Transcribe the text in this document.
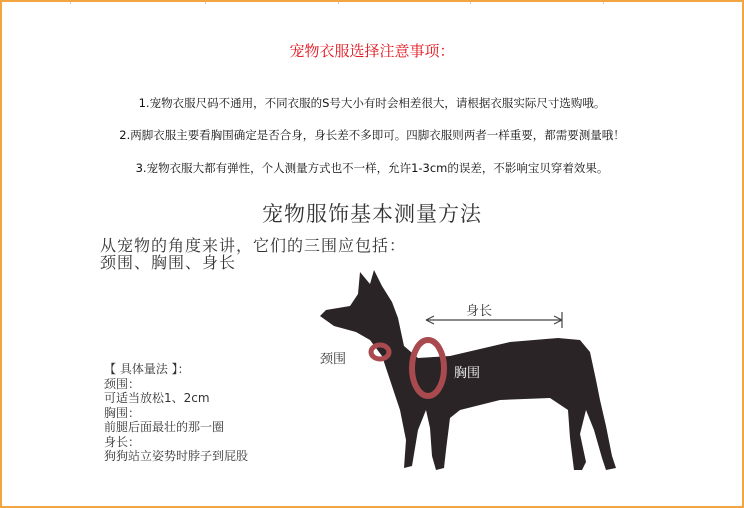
宠物衣服选择注意事项：
1.宠物衣服尺码不通用，不同衣服的S号大小有时会相差很大，请根据衣服实际尺寸选购哦。
2.两脚衣服主要看胸围确定是否合身，身长差不多即可。四脚衣服则两者一样重要，都需要测量哦！
3.宠物衣服大都有弹性，个人测量方式也不一样，允许1-3cm的误差，不影响宝贝穿着效果。
宠物服饰基本测量方法
从宠物的角度来讲，它们的三围应包括：
颈围、胸围、身长
【 具体量法 】：
颈围：
可适当放松1、2cm
胸围：
前腿后面最壮的那一圈
身长：
狗狗站立姿势时脖子到屁股
颈围
身长
胸围
